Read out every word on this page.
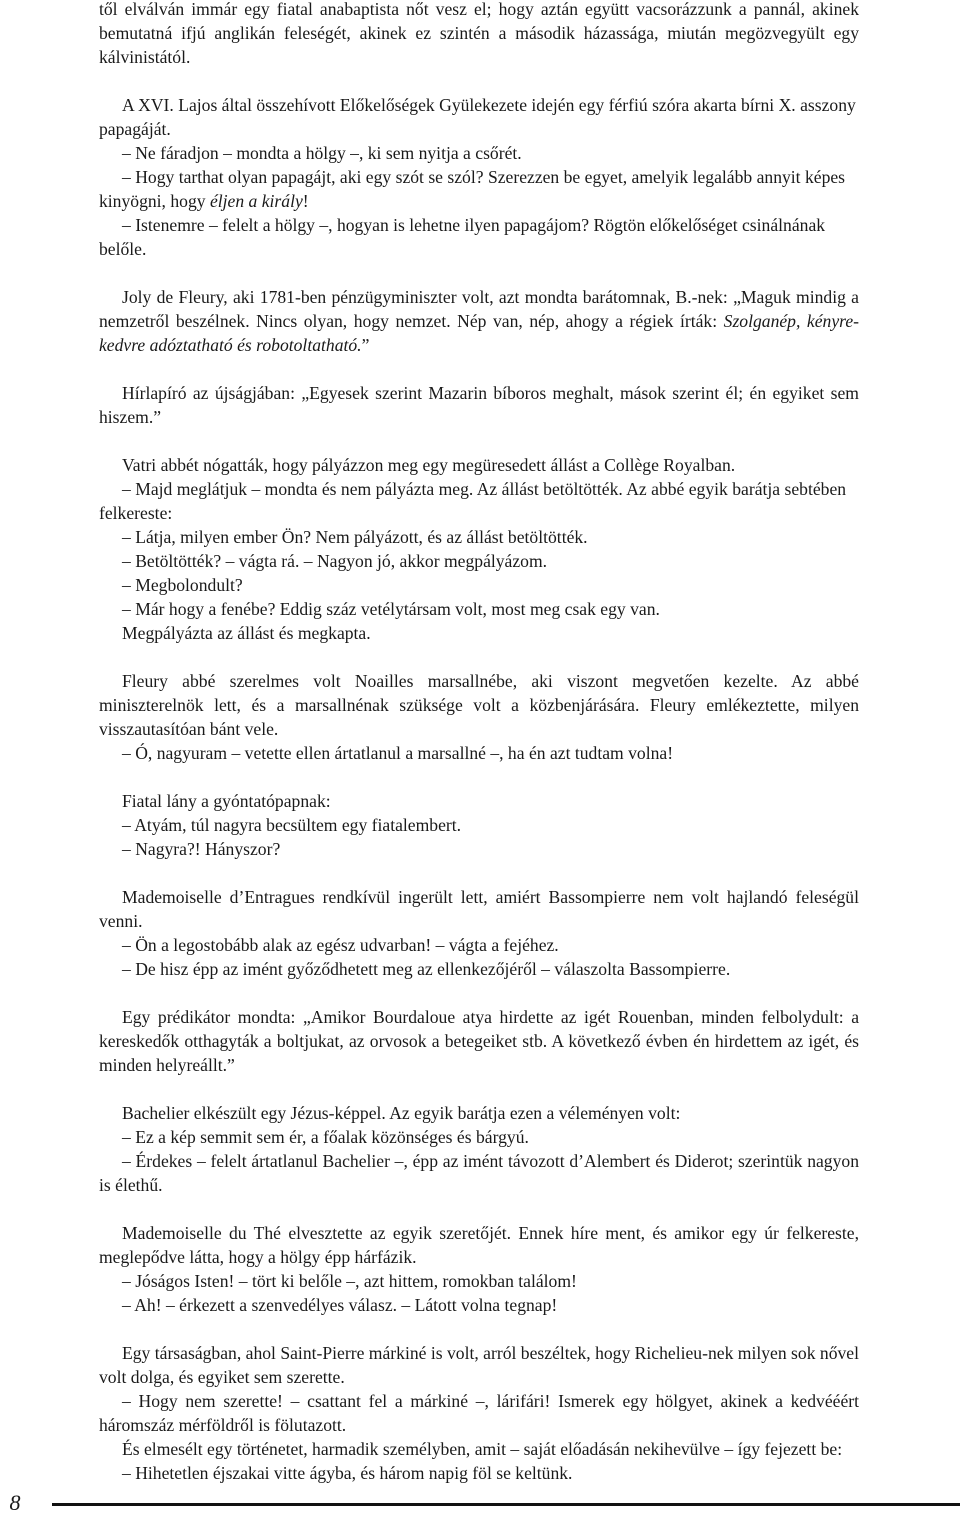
től elválván immár egy fiatal anabaptista nőt vesz el; hogy aztán együtt vacsorázzunk a pannál, akinek bemutatná ifjú anglikán feleségét, akinek ez szintén a második házassága, miután megözvegyült egy kálvinistától.

A XVI. Lajos által összehívott Előkelőségek Gyülekezete idején egy férfiú szóra akarta bírni X. asszony papagáját.

– Ne fáradjon – mondta a hölgy –, ki sem nyitja a csőrét.

– Hogy tarthat olyan papagájt, aki egy szót se szól? Szerezzen be egyet, amelyik legalább annyit képes kinyögni, hogy éljen a király!

– Istenemre – felelt a hölgy –, hogyan is lehetne ilyen papagájom? Rögtön előkelőséget csinálnának belőle.

Joly de Fleury, aki 1781-ben pénzügyminiszter volt, azt mondta barátomnak, B.-nek: „Maguk mindig a nemzetről beszélnek. Nincs olyan, hogy nemzet. Nép van, nép, ahogy a régiek írták: Szolganép, kényre-kedvre adóztatható és robotoltatható.”

Hírlapíró az újságjában: „Egyesek szerint Mazarin bíboros meghalt, mások szerint él; én egyiket sem hiszem.”

Vatri abbét nógatták, hogy pályázzon meg egy megüresedett állást a Collège Royalban.

– Majd meglátjuk – mondta és nem pályázta meg. Az állást betöltötték. Az abbé egyik barátja sebtében felkereste:

– Látja, milyen ember Ön? Nem pályázott, és az állást betöltötték.

– Betöltötték? – vágta rá. – Nagyon jó, akkor megpályázom.

– Megbolondult?

– Már hogy a fenébe? Eddig száz vetélytársam volt, most meg csak egy van.

Megpályázta az állást és megkapta.

Fleury abbé szerelmes volt Noailles marsallnébe, aki viszont megvetően kezelte. Az abbé miniszterelnök lett, és a marsallnénak szüksége volt a közbenjárására. Fleury emlékeztette, milyen visszautasítóan bánt vele.

– Ó, nagyuram – vetette ellen ártatlanul a marsallné –, ha én azt tudtam volna!

Fiatal lány a gyóntatópapnak:

– Atyám, túl nagyra becsültem egy fiatalembert.

– Nagyra?! Hányszor?

Mademoiselle d’Entragues rendkívül ingerült lett, amiért Bassompierre nem volt hajlandó feleségül venni.

– Ön a legostobább alak az egész udvarban! – vágta a fejéhez.

– De hisz épp az imént győződhetett meg az ellenkezőjéről – válaszolta Bassompierre.

Egy prédikátor mondta: „Amikor Bourdaloue atya hirdette az igét Rouenban, minden felbolydult: a kereskedők otthagyták a boltjukat, az orvosok a betegeiket stb. A következő évben én hirdettem az igét, és minden helyreállt.”

Bachelier elkészült egy Jézus-képpel. Az egyik barátja ezen a véleményen volt:

– Ez a kép semmit sem ér, a főalak közönséges és bárgyú.

– Érdekes – felelt ártatlanul Bachelier –, épp az imént távozott d’Alembert és Diderot; szerintük nagyon is élethű.

Mademoiselle du Thé elvesztette az egyik szeretőjét. Ennek híre ment, és amikor egy úr felkereste, meglepődve látta, hogy a hölgy épp hárfázik.

– Jóságos Isten! – tört ki belőle –, azt hittem, romokban találom!

– Ah! – érkezett a szenvedélyes válasz. – Látott volna tegnap!

Egy társaságban, ahol Saint-Pierre márkiné is volt, arról beszéltek, hogy Richelieu-nek milyen sok nővel volt dolga, és egyiket sem szerette.

– Hogy nem szerette! – csattant fel a márkiné –, lárifári! Ismerek egy hölgyet, akinek a kedvééért háromszáz mérföldről is fölutazott.

És elmesélt egy történetet, harmadik személyben, amit – saját előadásán nekihevülve – így fejezett be:

– Hihetetlen éjszakai vitte ágyba, és három napig föl se keltünk.

8
